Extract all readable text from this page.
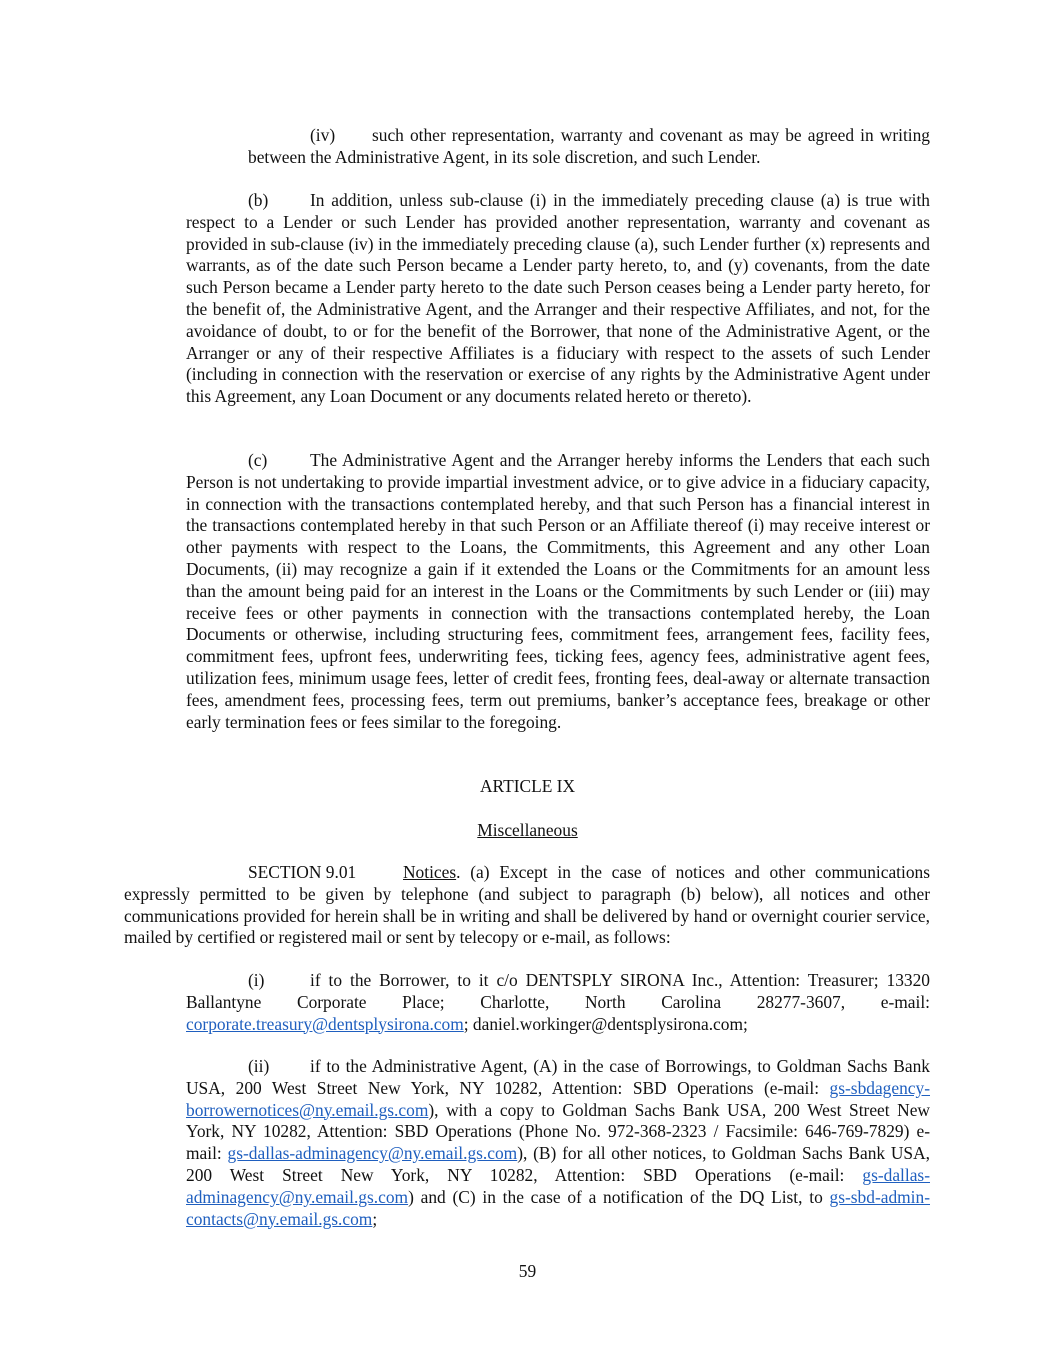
(iv) such other representation, warranty and covenant as may be agreed in writing between the Administrative Agent, in its sole discretion, and such Lender.

(b) In addition, unless sub-clause (i) in the immediately preceding clause (a) is true with respect to a Lender or such Lender has provided another representation, warranty and covenant as provided in sub-clause (iv) in the immediately preceding clause (a), such Lender further (x) represents and warrants, as of the date such Person became a Lender party hereto, to, and (y) covenants, from the date such Person became a Lender party hereto to the date such Person ceases being a Lender party hereto, for the benefit of, the Administrative Agent, and the Arranger and their respective Affiliates, and not, for the avoidance of doubt, to or for the benefit of the Borrower, that none of the Administrative Agent, or the Arranger or any of their respective Affiliates is a fiduciary with respect to the assets of such Lender (including in connection with the reservation or exercise of any rights by the Administrative Agent under this Agreement, any Loan Document or any documents related hereto or thereto).

(c) The Administrative Agent and the Arranger hereby informs the Lenders that each such Person is not undertaking to provide impartial investment advice, or to give advice in a fiduciary capacity, in connection with the transactions contemplated hereby, and that such Person has a financial interest in the transactions contemplated hereby in that such Person or an Affiliate thereof (i) may receive interest or other payments with respect to the Loans, the Commitments, this Agreement and any other Loan Documents, (ii) may recognize a gain if it extended the Loans or the Commitments for an amount less than the amount being paid for an interest in the Loans or the Commitments by such Lender or (iii) may receive fees or other payments in connection with the transactions contemplated hereby, the Loan Documents or otherwise, including structuring fees, commitment fees, arrangement fees, facility fees, commitment fees, upfront fees, underwriting fees, ticking fees, agency fees, administrative agent fees, utilization fees, minimum usage fees, letter of credit fees, fronting fees, deal-away or alternate transaction fees, amendment fees, processing fees, term out premiums, banker’s acceptance fees, breakage or other early termination fees or fees similar to the foregoing.

ARTICLE IX
Miscellaneous

SECTION 9.01	Notices. (a) Except in the case of notices and other communications expressly permitted to be given by telephone (and subject to paragraph (b) below), all notices and other communications provided for herein shall be in writing and shall be delivered by hand or overnight courier service, mailed by certified or registered mail or sent by telecopy or e-mail, as follows:

(i)	if to the Borrower, to it c/o DENTSPLY SIRONA Inc., Attention: Treasurer; 13320 Ballantyne Corporate Place; Charlotte, North Carolina 28277-3607, e-mail: corporate.treasury@dentsplysirona.com; daniel.workinger@dentsplysirona.com;

(ii) if to the Administrative Agent, (A) in the case of Borrowings, to Goldman Sachs Bank USA, 200 West Street New York, NY 10282, Attention: SBD Operations (e-mail: gs-sbdagency-borrowernotices@ny.email.gs.com), with a copy to Goldman Sachs Bank USA, 200 West Street New York, NY 10282, Attention: SBD Operations (Phone No. 972-368-2323 / Facsimile: 646-769-7829) e-mail: gs-dallas-adminagency@ny.email.gs.com), (B) for all other notices, to Goldman Sachs Bank USA, 200 West Street New York, NY 10282, Attention: SBD Operations (e-mail: gs-dallas-adminagency@ny.email.gs.com) and (C) in the case of a notification of the DQ List, to gs-sbd-admin-contacts@ny.email.gs.com;

59
